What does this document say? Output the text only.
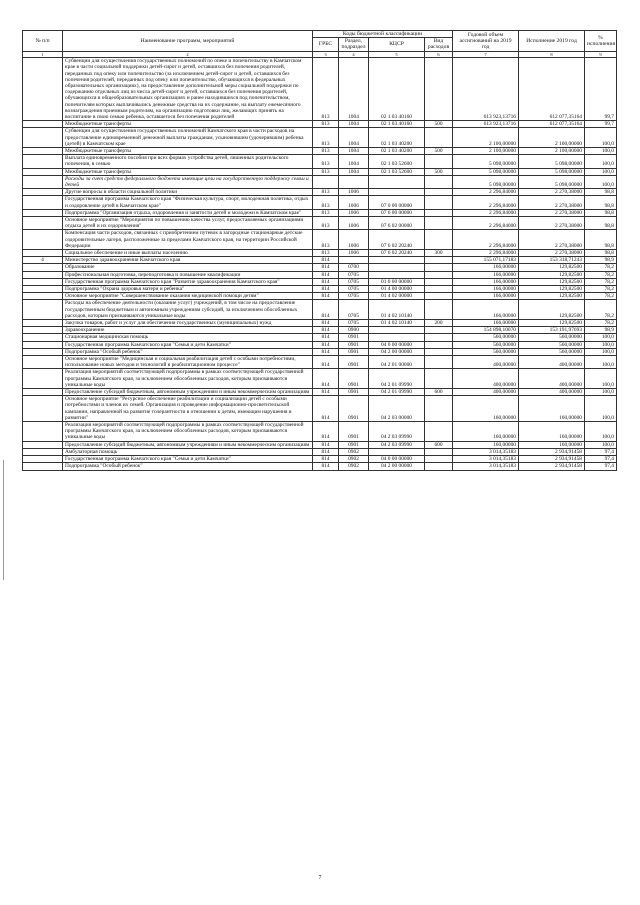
№ п/п	Наименование программ, мероприятий	Коды бюджетной классификации				Годовой объем ассигнований на 2019 год	Исполнение 2019 год	% исполнения
		ГРБС	Раздел, подраздел	КЦСР	Вид расходов			
1	2	3	4	5	6	7	8	9
	Субвенции для осуществления государственных полномочий по опеке и попечительству в Камчатском крае в части социальной поддержки детей-сирот и детей, оставшихся без попечения родителей, переданных под опеку или попечительство (за исключением детей-сирот и детей, оставшихся без попечения родителей, переданных под опеку или попечительство, обучающихся в федеральных образовательных организациях), на предоставление дополнительной меры социальной поддержки по содержанию отдельных лиц из числа детей-сирот и детей, оставшихся без попечения родителей, обучающихся в общеобразовательных организациях и ранее находившихся под попечительством, попечителям которых выплачивались денежные средства на их содержание, на выплату ежемесячного вознаграждения приемным родителям, на организацию подготовки лиц, желающих принять на воспитание в свою семью ребенка, оставшегося без попечения родителей	813	1004	02 1 03 40160		613 923,13716	612 077,35164	99,7
	Межбюджетные трансферты	813	1004	02 1 03 40160	500	613 923,13716	612 077,35164	99,7
	Субвенции для осуществления государственных полномочий Камчатского края в части расходов на предоставление единовременной денежной выплаты гражданам, усыновившим (удочерившим) ребенка (детей) в Камчатском крае	813	1004	02 1 03 40200		2 100,00000	2 100,00000	100,0
	Межбюджетные трансферты	813	1004	02 1 03 40200	500	2 100,00000	2 100,00000	100,0
	Выплата единовременного пособия при всех формах устройства детей, лишенных родительского попечения, в семью	813	1004	02 1 03 52600		5 098,00000	5 098,00000	100,0
	Межбюджетные трансферты	813	1004	02 1 03 52600	500	5 098,00000	5 098,00000	100,0
	Расходы за счет средств федерального бюджета имеющие цели на государственную поддержку семьи и детей					5 098,00000	5 098,00000	100,0
	Другие вопросы в области социальной политики	813	1006			2 296,84000	2 270,38000	98,8
	Государственная программа Камчатского края "Физическая культура, спорт, молодежная политика, отдых и оздоровление детей в Камчатском крае"	813	1006	07 0 00 00000		2 296,84000	2 270,38000	98,8
	Подпрограмма "Организация отдыха, оздоровления и занятости детей и молодежи в Камчатском крае"	813	1006	07 6 00 00000		2 296,84000	2 270,38000	98,8
	Основное мероприятие "Мероприятия по повышению качества услуг, предоставляемых организациями отдыха детей и их оздоровления"	813	1006	07 6 02 00000		2 296,84000	2 270,38000	98,8
	Компенсация части расходов, связанных с приобретением путевок в загородные стационарные детские оздоровительные лагеря, расположенные за пределами Камчатского края, на территории Российской Федерации	813	1006	07 6 02 20240		2 296,84000	2 270,38000	98,8
	Социальное обеспечение и иные выплаты населению	813	1006	07 6 02 20240	300	2 296,84000	2 270,38000	98,8
4	Министерство здравоохранения Камчатского края	814				155 071,17183	153 318,71243	98,9
	Образование	814	0700			166,00000	129,82500	78,2
	Профессиональная подготовка, переподготовка и повышение квалификации	814	0705			166,00000	129,82500	78,2
	Государственная программа Камчатского края "Развитие здравоохранения Камчатского края"	814	0705	01 0 00 00000		166,00000	129,82500	78,2
	Подпрограмма "Охрана здоровья матери и ребенка"	814	0705	01 4 00 00000		166,00000	129,82500	78,2
	Основное мероприятие "Совершенствование оказания медицинской помощи детям"	814	0705	01 4 02 00000		166,00000	129,82500	78,2
	Расходы на обеспечение деятельности (оказание услуг) учреждений, в том числе на предоставление государственным бюджетным и автономным учреждениям субсидий, за исключением обособленных расходов, которым присваиваются уникальные коды	814	0705	01 4 02 10140		166,00000	129,82500	78,2
	Закупка товаров, работ и услуг для обеспечения государственных (муниципальных) нужд	814	0705	01 4 02 10140	200	166,00000	129,82500	78,2
	Здравоохранение	814	0900			154 898,10070	153 191,97693	98,9
	Стационарная медицинская помощь	814	0901			560,00000	560,00000	100,0
	Государственная программа Камчатского края "Семья и дети Камчатки"	814	0901	04 0 00 00000		560,00000	560,00000	100,0
	Подпрограмма "Особый ребенок"	814	0901	04 2 00 00000		560,00000	560,00000	100,0
	Основное мероприятие "Медицинская и социальная реабилитация детей с особыми потребностями, использование новых методов и технологий в реабилитационном процессе"	814	0901	04 2 01 00000		400,00000	400,00000	100,0
	Реализация мероприятий соответствующей подпрограммы в рамках соответствующей государственной программы Камчатского края, за исключением обособленных расходов, которым присваиваются уникальные коды	814	0901	04 2 01 09990		400,00000	400,00000	100,0
	Предоставление субсидий бюджетным, автономным учреждениям и иным некоммерческим организациям	814	0901	04 2 01 09990	600	400,00000	400,00000	100,0
	Основное мероприятие "Ресурсное обеспечение реабилитации и социализации детей с особыми потребностями и членов их семей. Организация и проведение информационно-просветительской кампании, направленной на развитие толерантности в отношении к детям, имеющим нарушения в развитии"	814	0901	04 2 03 00000		160,00000	160,00000	100,0
	Реализация мероприятий соответствующей подпрограммы в рамках соответствующей государственной программы Камчатского края, за исключением обособленных расходов, которым присваиваются уникальные коды	814	0901	04 2 03 09990		160,00000	160,00000	100,0
	Предоставление субсидий бюджетным, автономным учреждениям и иным некоммерческим организациям	814	0901	04 2 03 09990	600	160,00000	160,00000	100,0
	Амбулаторная помощь	814	0902			3 014,35183	2 934,91458	97,4
	Государственная программа Камчатского края "Семья и дети Камчатки"	814	0902	04 0 00 00000		3 014,35183	2 934,91458	97,4
	Подпрограмма "Особый ребенок"	814	0902	04 2 00 00000		3 014,35183	2 934,91458	97,4
7
